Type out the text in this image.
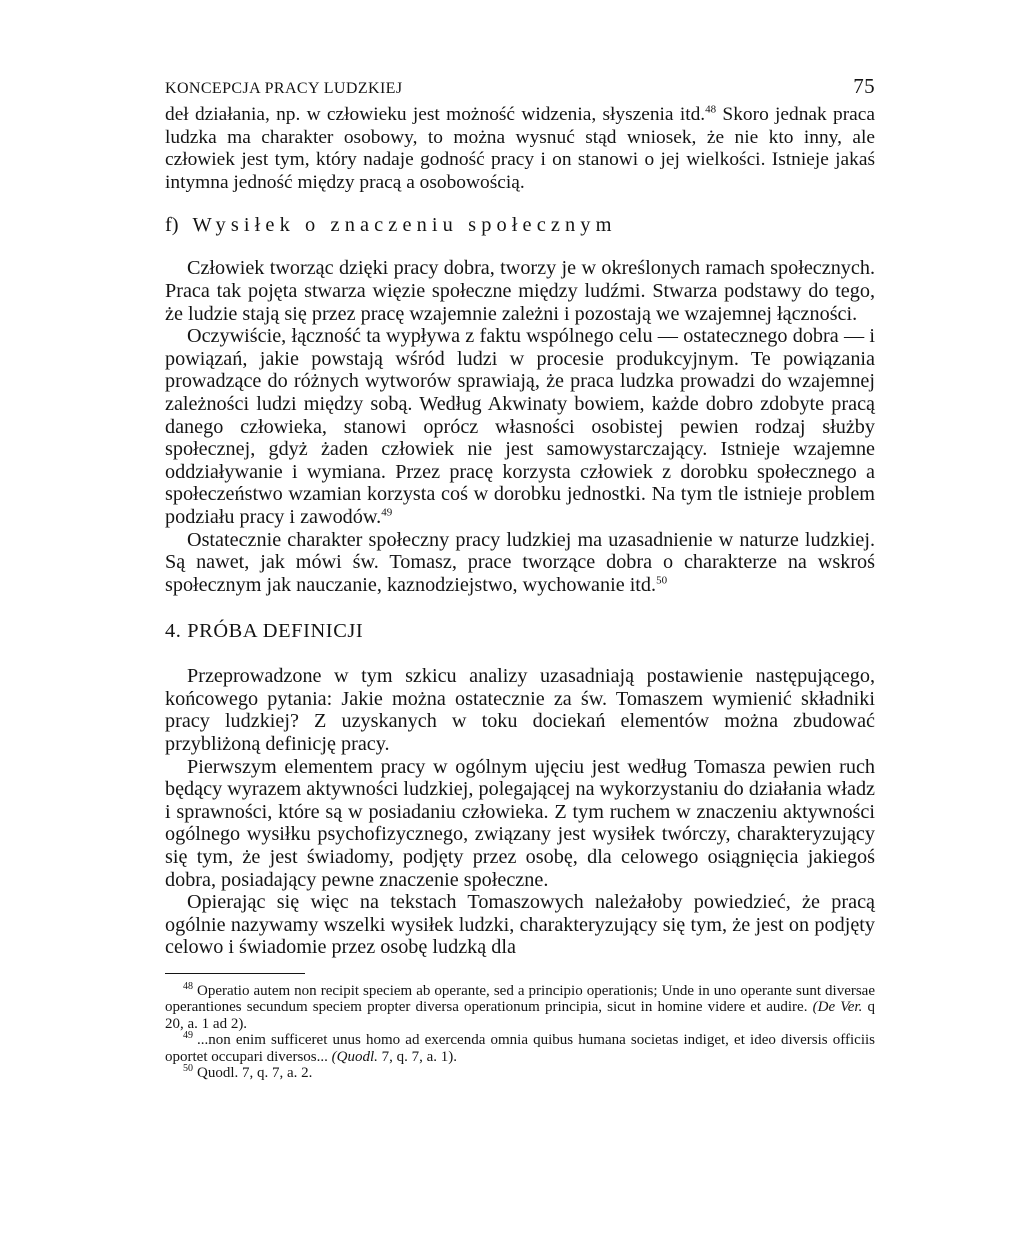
KONCEPCJA PRACY LUDZKIEJ	75

deł działania, np. w człowieku jest możność widzenia, słyszenia itd.$^{48}$ Skoro jednak praca ludzka ma charakter osobowy, to można wysnuć stąd wniosek, że nie kto inny, ale człowiek jest tym, który nadaje godność pracy i on stanowi o jej wielkości. Istnieje jakaś intymna jedność między pracą a osobowością.

f) Wysiłek o znaczeniu społecznym

Człowiek tworząc dzięki pracy dobra, tworzy je w określonych ramach społecznych. Praca tak pojęta stwarza więzie społeczne między ludźmi. Stwarza podstawy do tego, że ludzie stają się przez pracę wzajemnie zależni i pozostają we wzajemnej łączności.

Oczywiście, łączność ta wypływa z faktu wspólnego celu — ostatecznego dobra — i powiązań, jakie powstają wśród ludzi w procesie produkcyjnym. Te powiązania prowadzące do różnych wytworów sprawiają, że praca ludzka prowadzi do wzajemnej zależności ludzi między sobą. Według Akwinaty bowiem, każde dobro zdobyte pracą danego człowieka, stanowi oprócz własności osobistej pewien rodzaj służby społecznej, gdyż żaden człowiek nie jest samowystarczający. Istnieje wzajemne oddziaływanie i wymiana. Przez pracę korzysta człowiek z dorobku społecznego a społeczeństwo wzamian korzysta coś w dorobku jednostki. Na tym tle istnieje problem podziału pracy i zawodów.$^{49}$

Ostatecznie charakter społeczny pracy ludzkiej ma uzasadnienie w naturze ludzkiej. Są nawet, jak mówi św. Tomasz, prace tworzące dobra o charakterze na wskroś społecznym jak nauczanie, kaznodziejstwo, wychowanie itd.$^{50}$

4. PRÓBA DEFINICJI

Przeprowadzone w tym szkicu analizy uzasadniają postawienie następującego, końcowego pytania: Jakie można ostatecznie za św. Tomaszem wymienić składniki pracy ludzkiej? Z uzyskanych w toku dociekań elementów można zbudować przybliżoną definicję pracy.

Pierwszym elementem pracy w ogólnym ujęciu jest według Tomasza pewien ruch będący wyrazem aktywności ludzkiej, polegającej na wykorzystaniu do działania władz i sprawności, które są w posiadaniu człowieka. Z tym ruchem w znaczeniu aktywności ogólnego wysiłku psychofizycznego, związany jest wysiłek twórczy, charakteryzujący się tym, że jest świadomy, podjęty przez osobę, dla celowego osiągnięcia jakiegoś dobra, posiadający pewne znaczenie społeczne.

Opierając się więc na tekstach Tomaszowych należałoby powiedzieć, że pracą ogólnie nazywamy wszelki wysiłek ludzki, charakteryzujący się tym, że jest on podjęty celowo i świadomie przez osobę ludzką dla

$^{48}$ Operatio autem non recipit speciem ab operante, sed a principio operationis; Unde in uno operante sunt diversae operantiones secundum speciem propter diversa operationum principia, sicut in homine videre et audire. (De Ver. q 20, a. 1 ad 2).

$^{49}$ ...non enim sufficeret unus homo ad exercenda omnia quibus humana societas indiget, et ideo diversis officiis oportet occupari diversos... (Quodl. 7, q. 7, a. 1).

$^{50}$ Quodl. 7, q. 7, a. 2.
